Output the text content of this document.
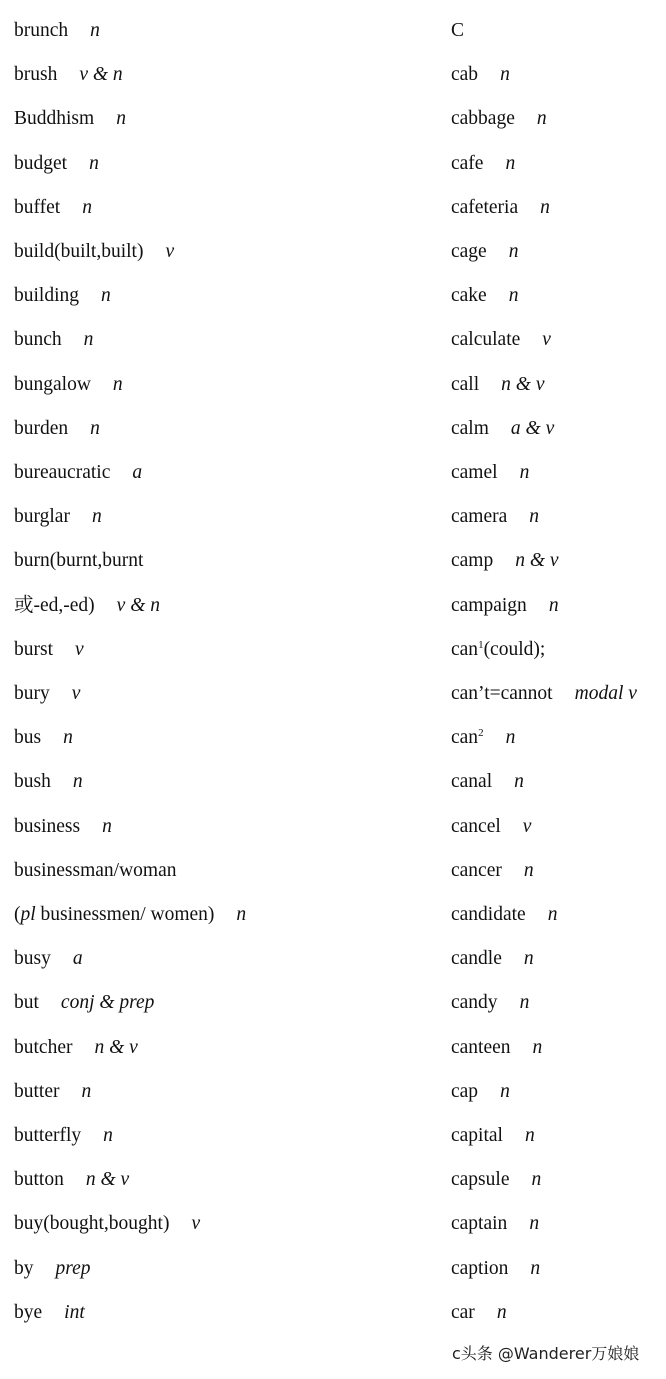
brunch n
brush v & n
Buddhism n
budget n
buffet n
build(built,built) v
building n
bunch n
bungalow n
burden n
bureaucratic a
burglar n
burn(burnt,burnt
或-ed,-ed) v & n
burst v
bury v
bus n
bush n
business n
businessman/woman
(pl businessmen/ women) n
busy a
but conj & prep
butcher n & v
butter n
butterfly n
button n & v
buy(bought,bought) v
by prep
bye int
C
cab n
cabbage n
cafe n
cafeteria n
cage n
cake n
calculate v
call n & v
calm a & v
camel n
camera n
camp n & v
campaign n
can$^1$(could);
can’t=cannot modal v
can$^2$ n
canal n
cancel v
cancer n
candidate n
candle n
candy n
canteen n
cap n
capital n
capsule n
captain n
caption n
car n
c头条 @Wanderer万娘娘
